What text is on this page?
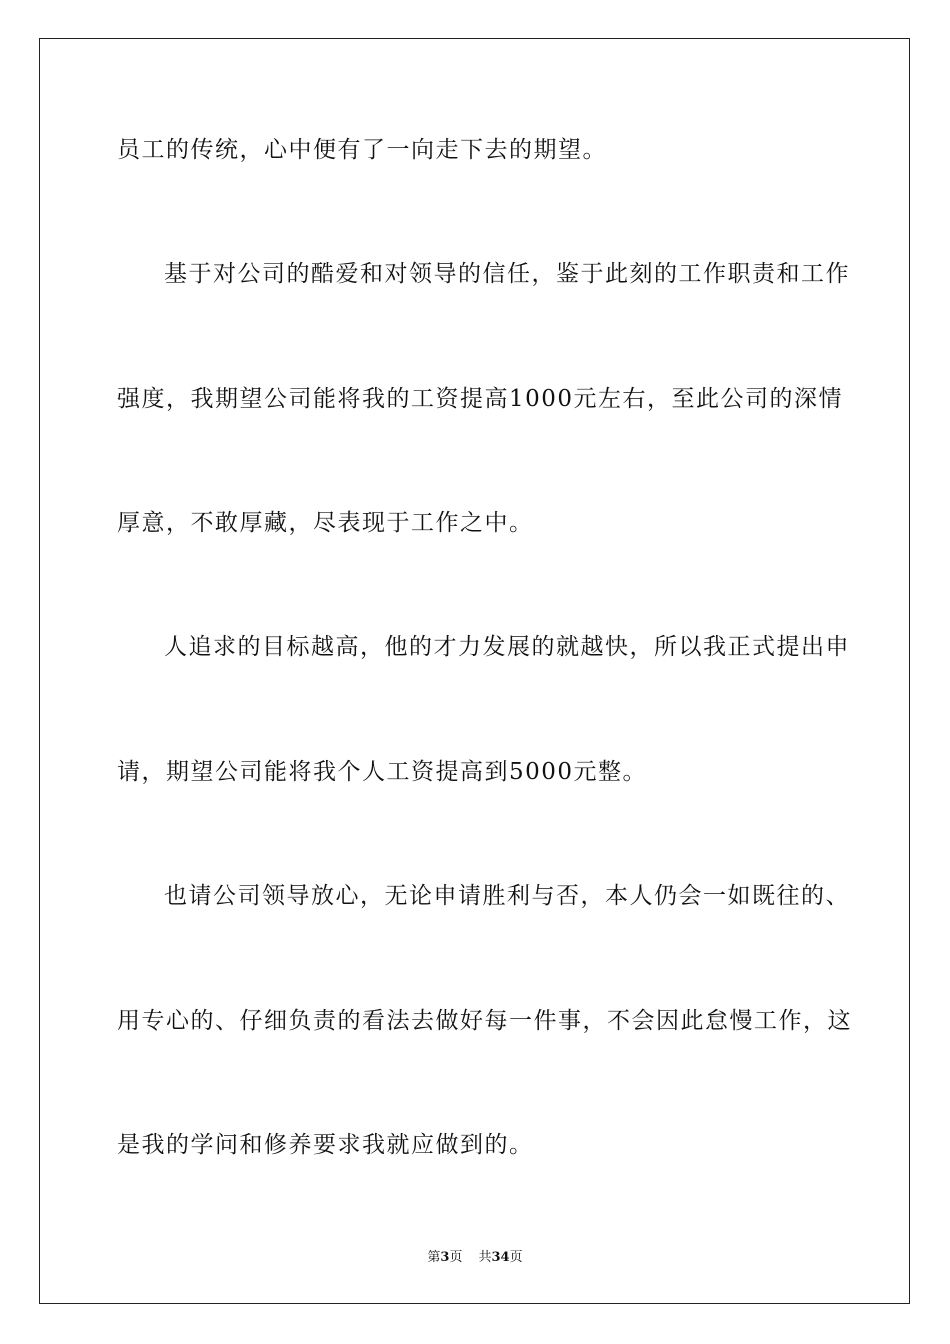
员工的传统，心中便有了一向走下去的期望。
基于对公司的酷爱和对领导的信任，鉴于此刻的工作职责和工作
强度，我期望公司能将我的工资提高1000元左右，至此公司的深情
厚意，不敢厚藏，尽表现于工作之中。
人追求的目标越高，他的才力发展的就越快，所以我正式提出申
请，期望公司能将我个人工资提高到5000元整。
也请公司领导放心，无论申请胜利与否，本人仍会一如既往的、
用专心的、仔细负责的看法去做好每一件事，不会因此怠慢工作，这
是我的学问和修养要求我就应做到的。
第3页 共34页
